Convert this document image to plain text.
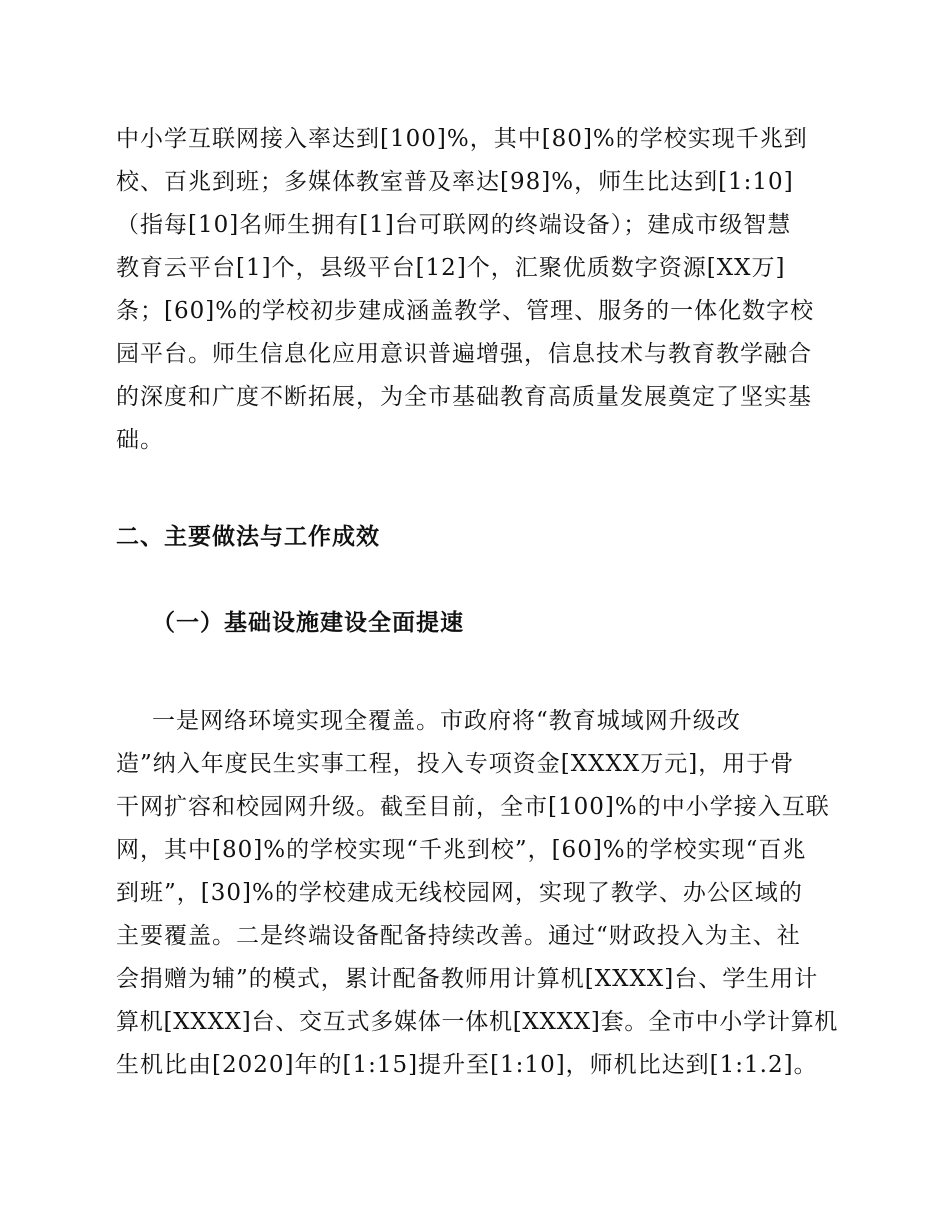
中小学互联网接入率达到[100]%，其中[80]%的学校实现千兆到
校、百兆到班；多媒体教室普及率达[98]%，师生比达到[1:10]
（指每[10]名师生拥有[1]台可联网的终端设备）；建成市级智慧
教育云平台[1]个，县级平台[12]个，汇聚优质数字资源[XX万]
条；[60]%的学校初步建成涵盖教学、管理、服务的一体化数字校
园平台。师生信息化应用意识普遍增强，信息技术与教育教学融合
的深度和广度不断拓展，为全市基础教育高质量发展奠定了坚实基
础。
二、主要做法与工作成效
（一）基础设施建设全面提速
一是网络环境实现全覆盖。市政府将“教育城域网升级改
造”纳入年度民生实事工程，投入专项资金[XXXX万元]，用于骨
干网扩容和校园网升级。截至目前，全市[100]%的中小学接入互联
网，其中[80]%的学校实现“千兆到校”，[60]%的学校实现“百兆
到班”，[30]%的学校建成无线校园网，实现了教学、办公区域的
主要覆盖。二是终端设备配备持续改善。通过“财政投入为主、社
会捐赠为辅”的模式，累计配备教师用计算机[XXXX]台、学生用计
算机[XXXX]台、交互式多媒体一体机[XXXX]套。全市中小学计算机
生机比由[2020]年的[1:15]提升至[1:10]，师机比达到[1:1.2]。
